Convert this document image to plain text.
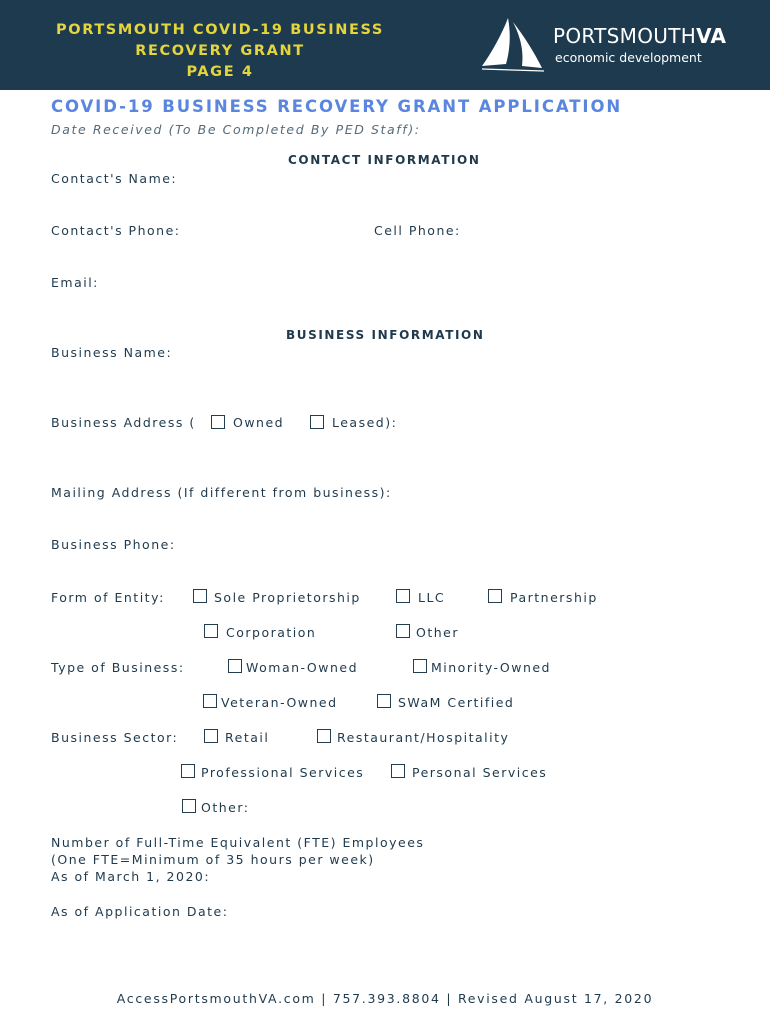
PORTSMOUTH COVID-19 BUSINESS
RECOVERY GRANT
PAGE 4
PORTSMOUTHVA
economic development
COVID-19 BUSINESS RECOVERY GRANT APPLICATION
Date Received (To Be Completed By PED Staff):
CONTACT INFORMATION
Contact's Name:
Contact's Phone:	Cell Phone:
Email:
BUSINESS INFORMATION
Business Name:
Business Address (	Owned	Leased):
Mailing Address (If different from business):
Business Phone:
Form of Entity:	Sole Proprietorship	LLC	Partnership
Corporation	Other
Type of Business:	Woman-Owned	Minority-Owned
Veteran-Owned	SWaM Certified
Business Sector:	Retail	Restaurant/Hospitality
Professional Services	Personal Services
Other:
Number of Full-Time Equivalent (FTE) Employees
(One FTE=Minimum of 35 hours per week)
As of March 1, 2020:
As of Application Date:
AccessPortsmouthVA.com | 757.393.8804 | Revised August 17, 2020
